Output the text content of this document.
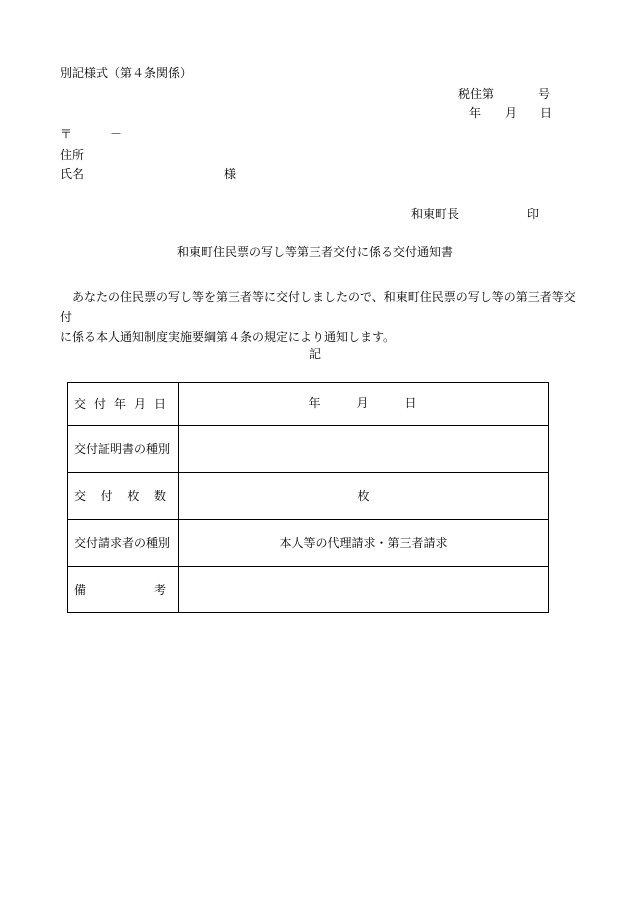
別記様式（第４条関係）
税住第	号
年 月 日
〒	－
住所
氏名	様
和東町長	印
和東町住民票の写し等第三者交付に係る交付通知書

あなたの住民票の写し等を第三者等に交付しましたので、和東町住民票の写し等の第三者等交付

に係る本人通知制度実施要綱第４条の規定により通知します。

記
交 付 年 月 日	年 月 日

交付証明書の種別	

交 付 枚 数	枚
交付請求者の種別	本人等の代理請求・第三者請求

備 考	
